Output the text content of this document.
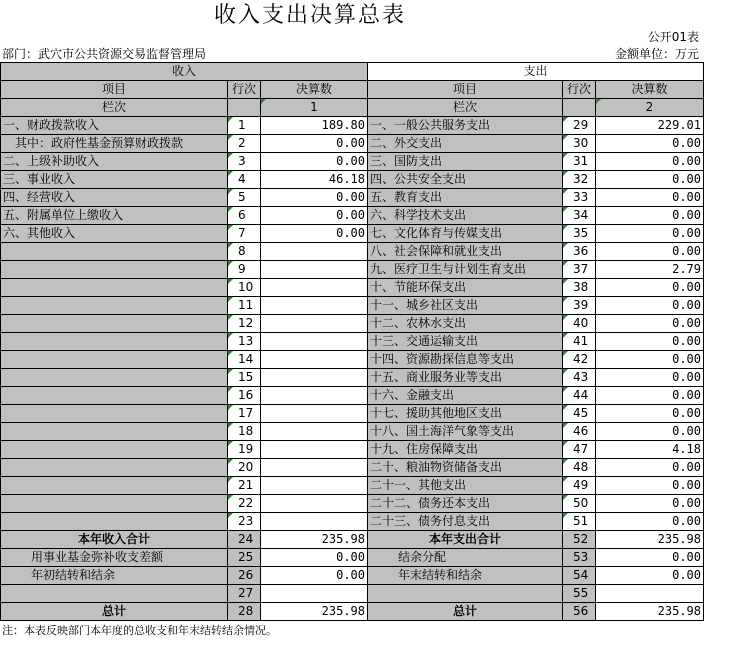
收入支出决算总表
公开01表
部门：武穴市公共资源交易监督管理局	金额单位：万元
收入			支出		
项目	行次	决算数	项目	行次	决算数
栏次		1	栏次		2
一、财政拨款收入	1	189.80	一、一般公共服务支出	29	229.01
其中：政府性基金预算财政拨款	2	0.00	二、外交支出	30	0.00
二、上级补助收入	3	0.00	三、国防支出	31	0.00
三、事业收入	4	46.18	四、公共安全支出	32	0.00
四、经营收入	5	0.00	五、教育支出	33	0.00
五、附属单位上缴收入	6	0.00	六、科学技术支出	34	0.00
六、其他收入	7	0.00	七、文化体育与传媒支出	35	0.00
	8		八、社会保障和就业支出	36	0.00
	9		九、医疗卫生与计划生育支出	37	2.79
	10		十、节能环保支出	38	0.00
	11		十一、城乡社区支出	39	0.00
	12		十二、农林水支出	40	0.00
	13		十三、交通运输支出	41	0.00
	14		十四、资源勘探信息等支出	42	0.00
	15		十五、商业服务业等支出	43	0.00
	16		十六、金融支出	44	0.00
	17		十七、援助其他地区支出	45	0.00
	18		十八、国土海洋气象等支出	46	0.00
	19		十九、住房保障支出	47	4.18
	20		二十、粮油物资储备支出	48	0.00
	21		二十一、其他支出	49	0.00
	22		二十二、债务还本支出	50	0.00
	23		二十三、债务付息支出	51	0.00
本年收入合计	24	235.98	本年支出合计	52	235.98
用事业基金弥补收支差额	25	0.00	结余分配	53	0.00
年初结转和结余	26	0.00	年末结转和结余	54	0.00
	27			55	
总计	28	235.98	总计	56	235.98
注：本表反映部门本年度的总收支和年末结转结余情况。
